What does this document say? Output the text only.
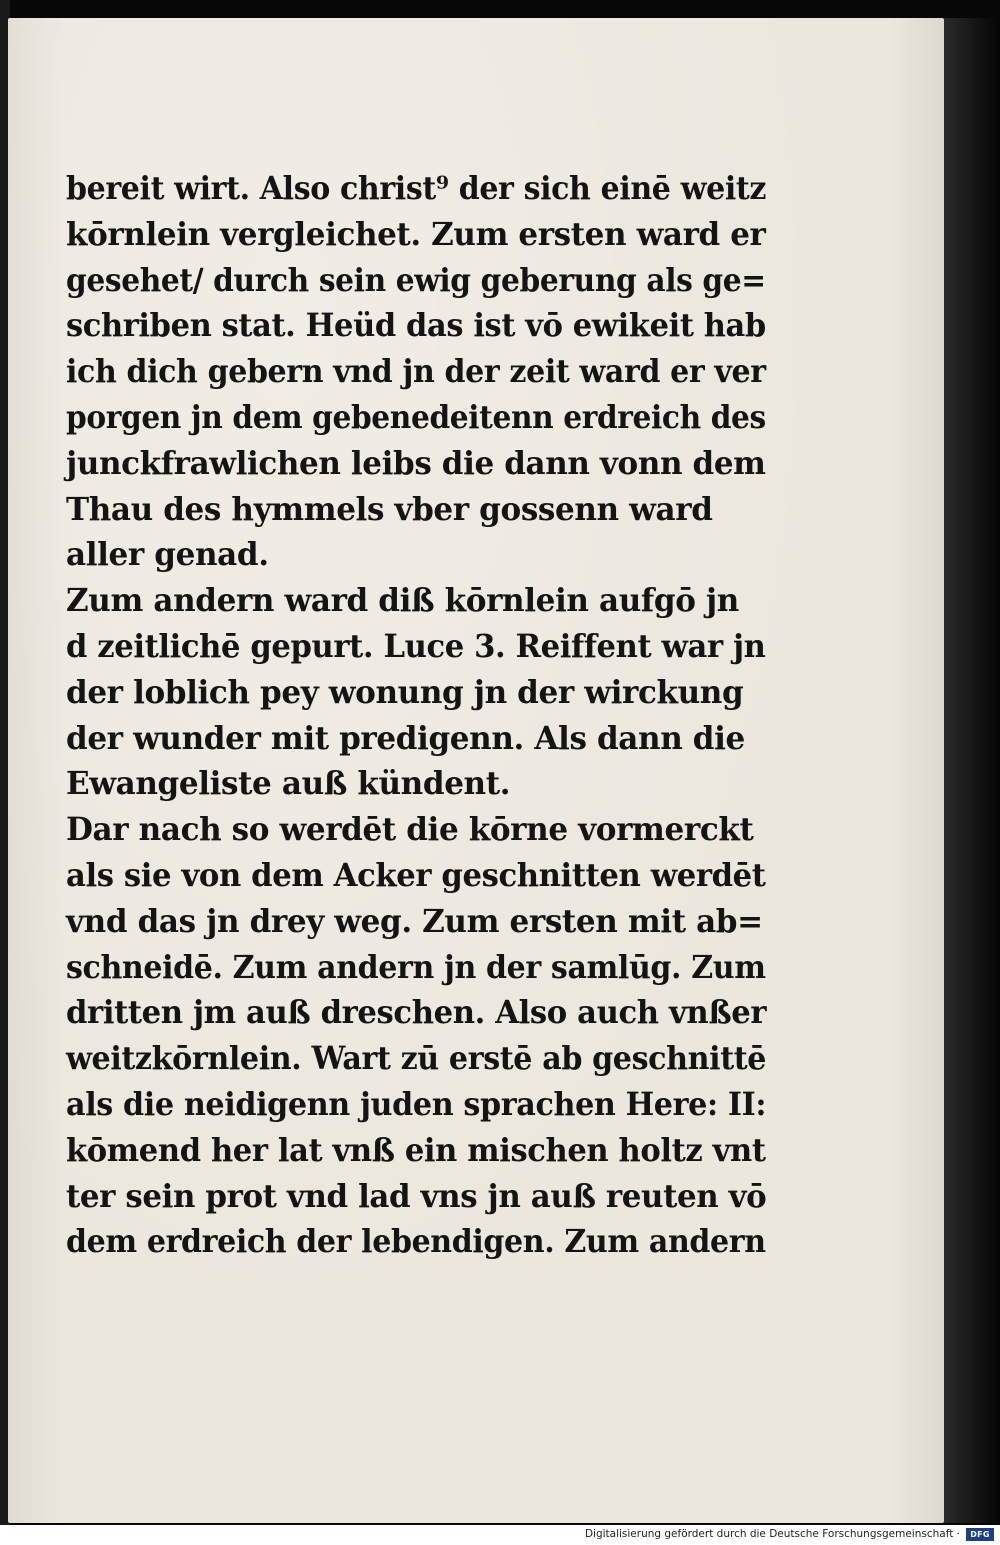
bereit wirt. Also christ⁹ der sich einē weitz
kōrnlein vergleichet. Zum ersten ward er
gesehet/ durch sein ewig geberung als ge=
schriben stat. Heüd das ist vō ewikeit hab
ich dich gebern vnd jn der zeit ward er ver
porgen jn dem gebenedeitenn erdreich des
junckfrawlichen leibs die dann vonn dem
Thau des hymmels vber gossenn ward
aller genad.
Zum andern ward diß kōrnlein aufgō jn
d zeitlichē gepurt. Luce 3. Reiffent war jn
der loblich pey wonung jn der wirckung
der wunder mit predigenn. Als dann die
Ewangeliste auß kündent.
Dar nach so werdēt die kōrne vormerckt
als sie von dem Acker geschnitten werdēt
vnd das jn drey weg. Zum ersten mit ab=
schneidē. Zum andern jn der samlūg. Zum
dritten jm auß dreschen. Also auch vnßer
weitzkōrnlein. Wart zū erstē ab geschnittē
als die neidigenn juden sprachen Here: II:
kōmend her lat vnß ein mischen holtz vnt
ter sein prot vnd lad vns jn auß reuten vō
dem erdreich der lebendigen. Zum andern
Digitalisierung gefördert durch die Deutsche Forschungsgemeinschaft ·	DFG
